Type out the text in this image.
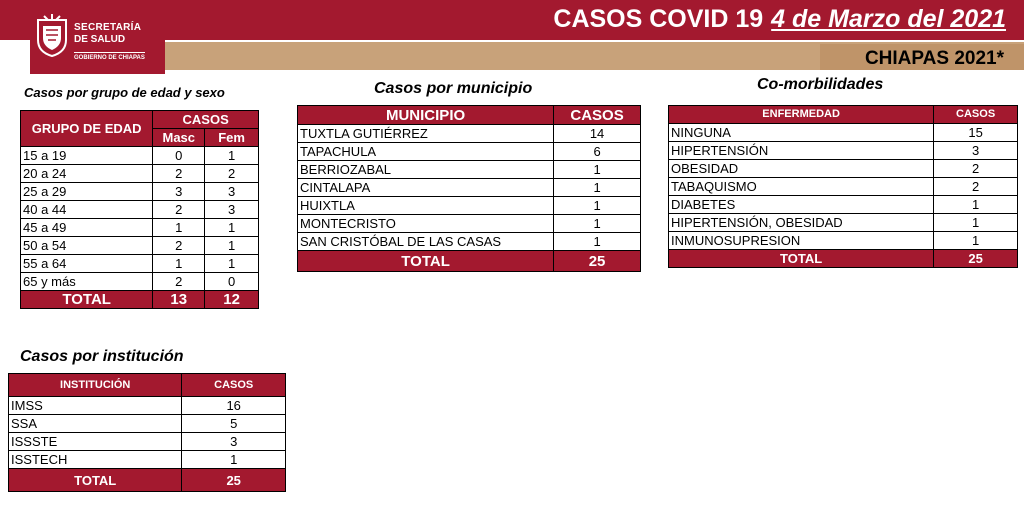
SECRETARÍA
DE SALUD
GOBIERNO DE CHIAPAS
CASOS COVID 19 4 de Marzo del 2021
CHIAPAS 2021*
Casos por grupo de edad y sexo
GRUPO DE EDAD	CASOS	
	Masc	Fem
15 a 19	0	1
20 a 24	2	2
25 a 29	3	3
40 a 44	2	3
45 a 49	1	1
50 a 54	2	1
55 a 64	1	1
65 y más	2	0
TOTAL	13	12
Casos por municipio
MUNICIPIO	CASOS
TUXTLA GUTIÉRREZ	14
TAPACHULA	6
BERRIOZABAL	1
CINTALAPA	1
HUIXTLA	1
MONTECRISTO	1
SAN CRISTÓBAL DE LAS CASAS	1
TOTAL	25
Co-morbilidades
ENFERMEDAD	CASOS
NINGUNA	15
HIPERTENSIÓN	3
OBESIDAD	2
TABAQUISMO	2
DIABETES	1
HIPERTENSIÓN, OBESIDAD	1
INMUNOSUPRESION	1
TOTAL	25
Casos por institución
INSTITUCIÓN	CASOS
IMSS	16
SSA	5
ISSSTE	3
ISSTECH	1
TOTAL	25
